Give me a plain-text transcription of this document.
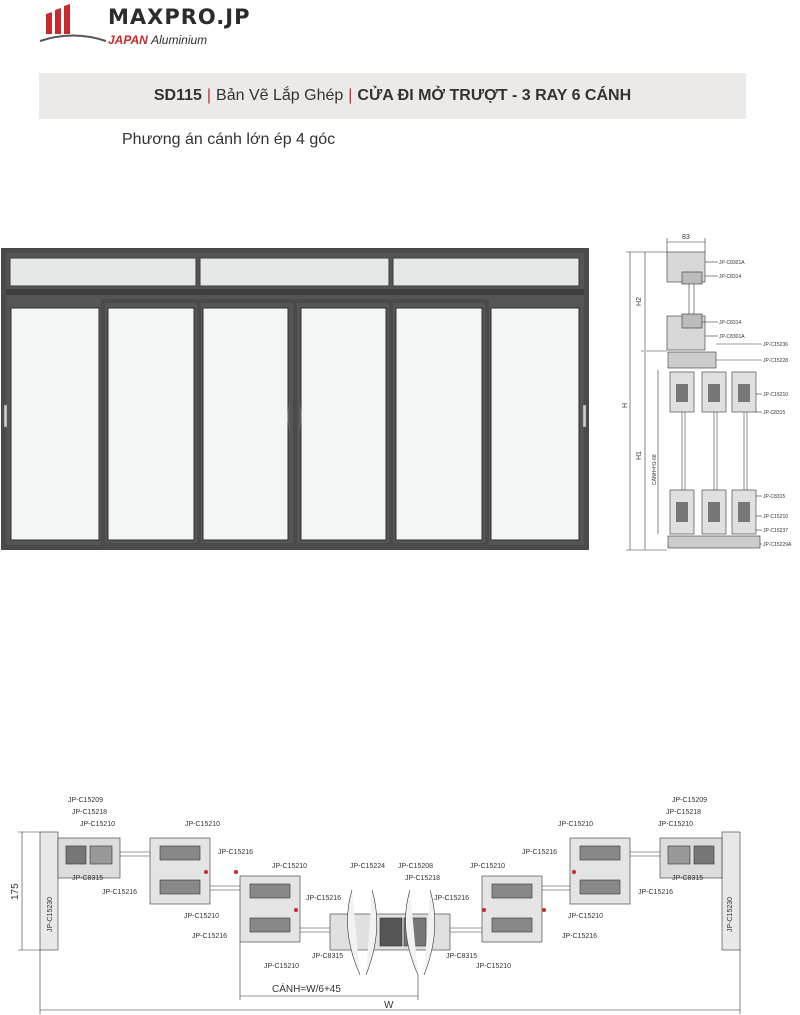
MAXPRO.JP
JAPAN Aluminium
SD115 | Bản Vẽ Lắp Ghép | CỬA ĐI MỞ TRƯỢT - 3 RAY 6 CÁNH
Phương án cánh lớn ép 4 góc
83
H2
H
H1 CÁNH=H1-68
JP-C8301A
JP-C8314
JP-C8314
JP-C8301A
JP-C15236
JP-C15228
JP-C15210
JP-C8315
JP-C8315
JP-C15210
JP-C15237
JP-C15229A
175
CÁNH=W/6+45
W
JP-C15209
JP-C15218
JP-C15210
JP-C8315
JP-C15230
JP-C15209
JP-C15218
JP-C15210
JP-C8315
JP-C15230
JP-C15210
JP-C15216
JP-C15216
JP-C15210
JP-C15210
JP-C15216
JP-C15216
JP-C8315
JP-C15210
JP-C15210
JP-C15216
JP-C15216
JP-C15210
JP-C15210
JP-C15216
JP-C15216
JP-C8315
JP-C15210
JP-C15224 JP-C15208
JP-C15218
